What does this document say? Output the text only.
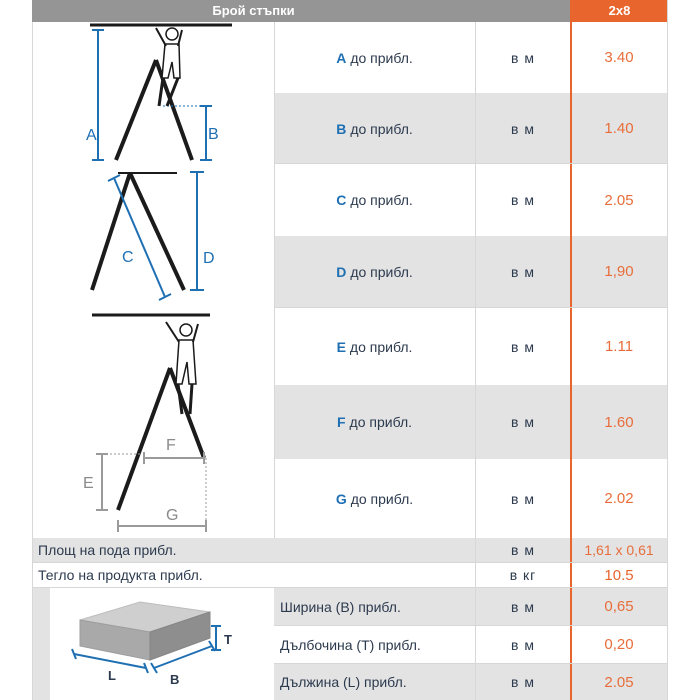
Брой стъпки	2x8
A до прибл.	в м	3.40
B до прибл.	в м	1.40
C до прибл.	в м	2.05
D до прибл.	в м	1,90
E до прибл.	в м	1.11
F до прибл.	в м	1.60
G до прибл.	в м	2.02
Площ на пода прибл.	в м	1,61 x 0,61
Тегло на продукта прибл.	в кг	10.5
Ширина (B) прибл.	в м	0,65
Дълбочина (T) прибл.	в м	0,20
Дължина (L) прибл.	в м	2.05
A	B
C	D
E
F
G
T
L	B
